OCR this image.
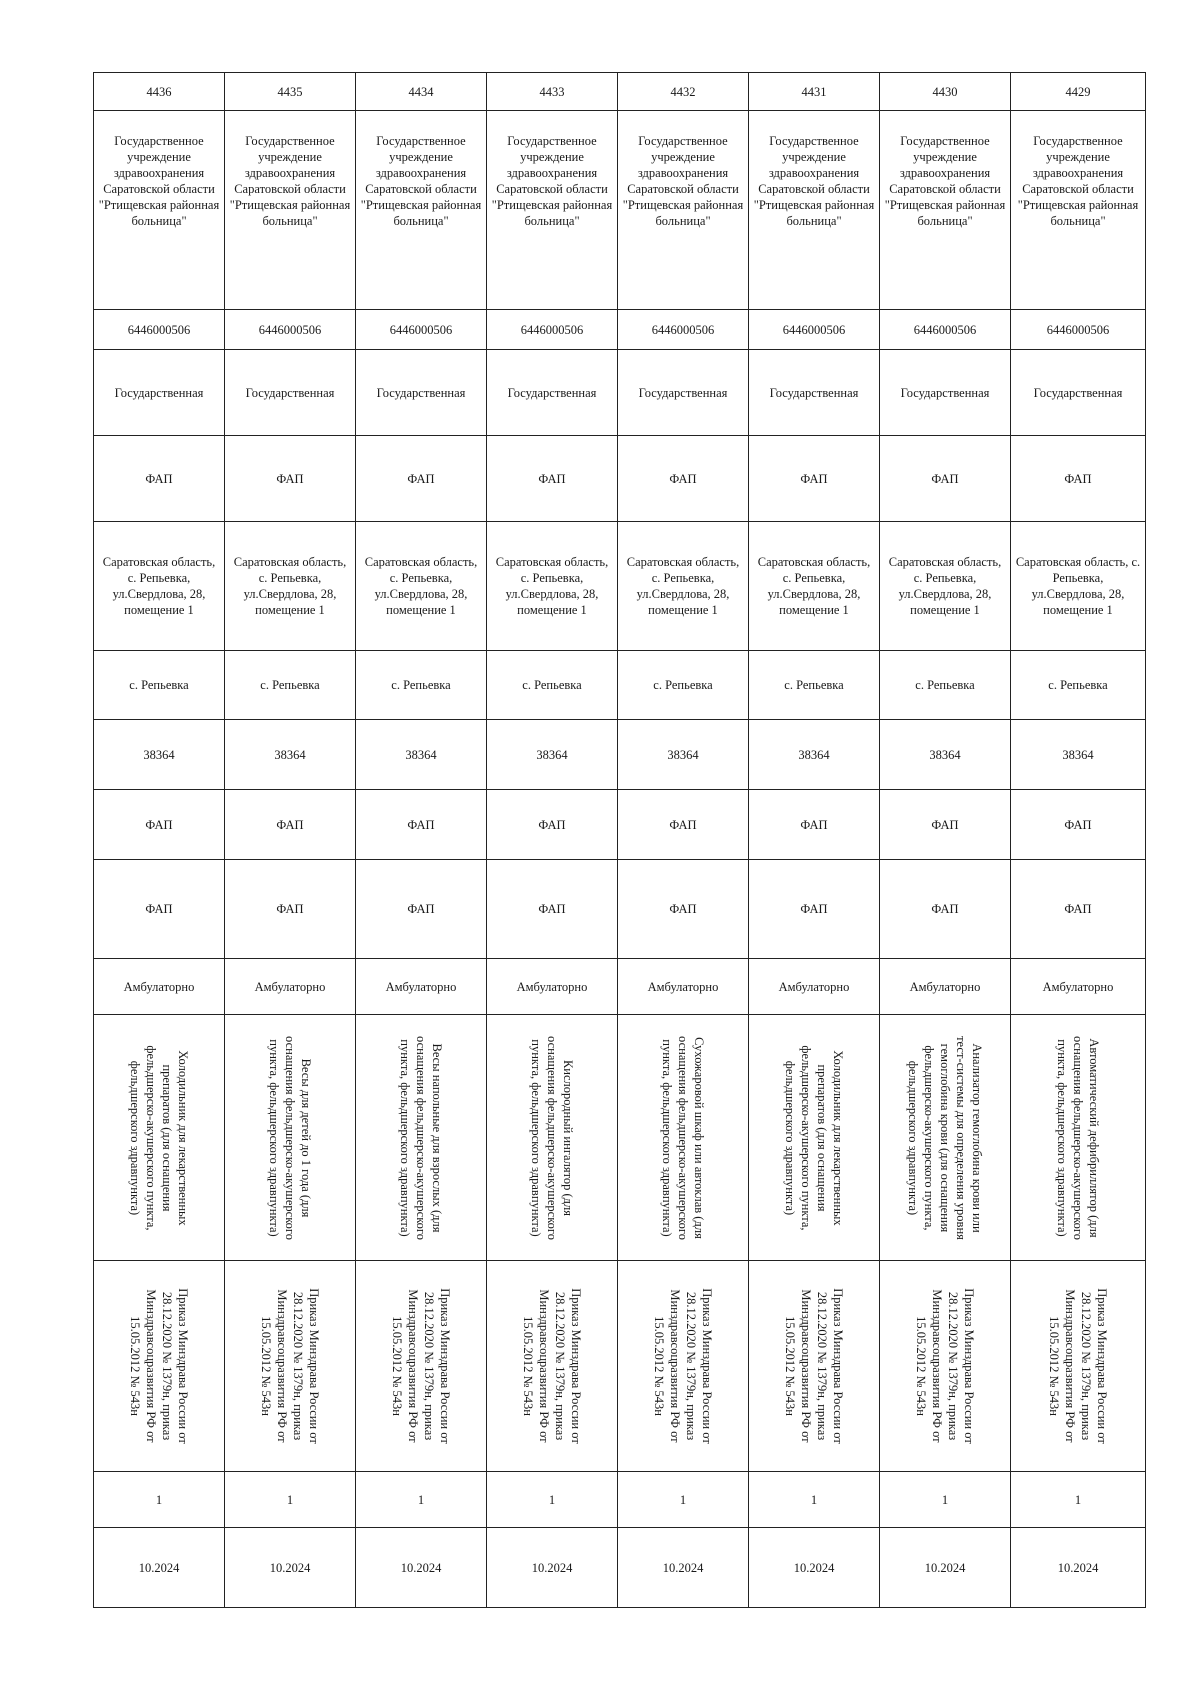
4436	4435	4434	4433	4432	4431	4430	4429
Государственное учреждение здравоохранения Саратовской области "Ртищевская районная больница"	Государственное учреждение здравоохранения Саратовской области "Ртищевская районная больница"	Государственное учреждение здравоохранения Саратовской области "Ртищевская районная больница"	Государственное учреждение здравоохранения Саратовской области "Ртищевская районная больница"	Государственное учреждение здравоохранения Саратовской области "Ртищевская районная больница"	Государственное учреждение здравоохранения Саратовской области "Ртищевская районная больница"	Государственное учреждение здравоохранения Саратовской области "Ртищевская районная больница"	Государственное учреждение здравоохранения Саратовской области "Ртищевская районная больница"
6446000506	6446000506	6446000506	6446000506	6446000506	6446000506	6446000506	6446000506
Государственная	Государственная	Государственная	Государственная	Государственная	Государственная	Государственная	Государственная
ФАП	ФАП	ФАП	ФАП	ФАП	ФАП	ФАП	ФАП
Саратовская область, с. Репьевка, ул.Свердлова, 28, помещение 1	Саратовская область, с. Репьевка, ул.Свердлова, 28, помещение 1	Саратовская область, с. Репьевка, ул.Свердлова, 28, помещение 1	Саратовская область, с. Репьевка, ул.Свердлова, 28, помещение 1	Саратовская область, с. Репьевка, ул.Свердлова, 28, помещение 1	Саратовская область, с. Репьевка, ул.Свердлова, 28, помещение 1	Саратовская область, с. Репьевка, ул.Свердлова, 28, помещение 1	Саратовская область, с. Репьевка, ул.Свердлова, 28, помещение 1
с. Репьевка	с. Репьевка	с. Репьевка	с. Репьевка	с. Репьевка	с. Репьевка	с. Репьевка	с. Репьевка
38364	38364	38364	38364	38364	38364	38364	38364
ФАП	ФАП	ФАП	ФАП	ФАП	ФАП	ФАП	ФАП
ФАП	ФАП	ФАП	ФАП	ФАП	ФАП	ФАП	ФАП
Амбулаторно	Амбулаторно	Амбулаторно	Амбулаторно	Амбулаторно	Амбулаторно	Амбулаторно	Амбулаторно

Холодильник для лекарственных препаратов (для оснащения фельдшерско-акушерского пункта, фельдшерского здравпункта)	Весы для детей до 1 года (для оснащения фельдшерско-акушерского пункта, фельдшерского здравпункта)	Весы напольные для взрослых (для оснащения фельдшерско-акушерского пункта, фельдшерского здравпункта)	Кислородный ингалятор (для оснащения фельдшерско-акушерского пункта, фельдшерского здравпункта)	Сухожаровой шкаф или автоклав (для оснащения фельдшерско-акушерского пункта, фельдшерского здравпункта)	Холодильник для лекарственных препаратов (для оснащения фельдшерско-акушерского пункта, фельдшерского здравпункта)	Анализатор гемоглобина крови или тест-системы для определения уровня гемоглобина крови (для оснащения фельдшерско-акушерского пункта, фельдшерского здравпункта)	Автоматический дефибриллятор (для оснащения фельдшерско-акушерского пункта, фельдшерского здравпункта)

Приказ Минздрава России от 28.12.2020 № 1379н, приказ Минздравсоцразвития РФ от 15.05.2012 № 543н	Приказ Минздрава России от 28.12.2020 № 1379н, приказ Минздравсоцразвития РФ от 15.05.2012 № 543н	Приказ Минздрава России от 28.12.2020 № 1379н, приказ Минздравсоцразвития РФ от 15.05.2012 № 543н	Приказ Минздрава России от 28.12.2020 № 1379н, приказ Минздравсоцразвития РФ от 15.05.2012 № 543н	Приказ Минздрава России от 28.12.2020 № 1379н, приказ Минздравсоцразвития РФ от 15.05.2012 № 543н	Приказ Минздрава России от 28.12.2020 № 1379н, приказ Минздравсоцразвития РФ от 15.05.2012 № 543н	Приказ Минздрава России от 28.12.2020 № 1379н, приказ Минздравсоцразвития РФ от 15.05.2012 № 543н	Приказ Минздрава России от 28.12.2020 № 1379н, приказ Минздравсоцразвития РФ от 15.05.2012 № 543н

1	1	1	1	1	1	1	1
10.2024	10.2024	10.2024	10.2024	10.2024	10.2024	10.2024	10.2024
